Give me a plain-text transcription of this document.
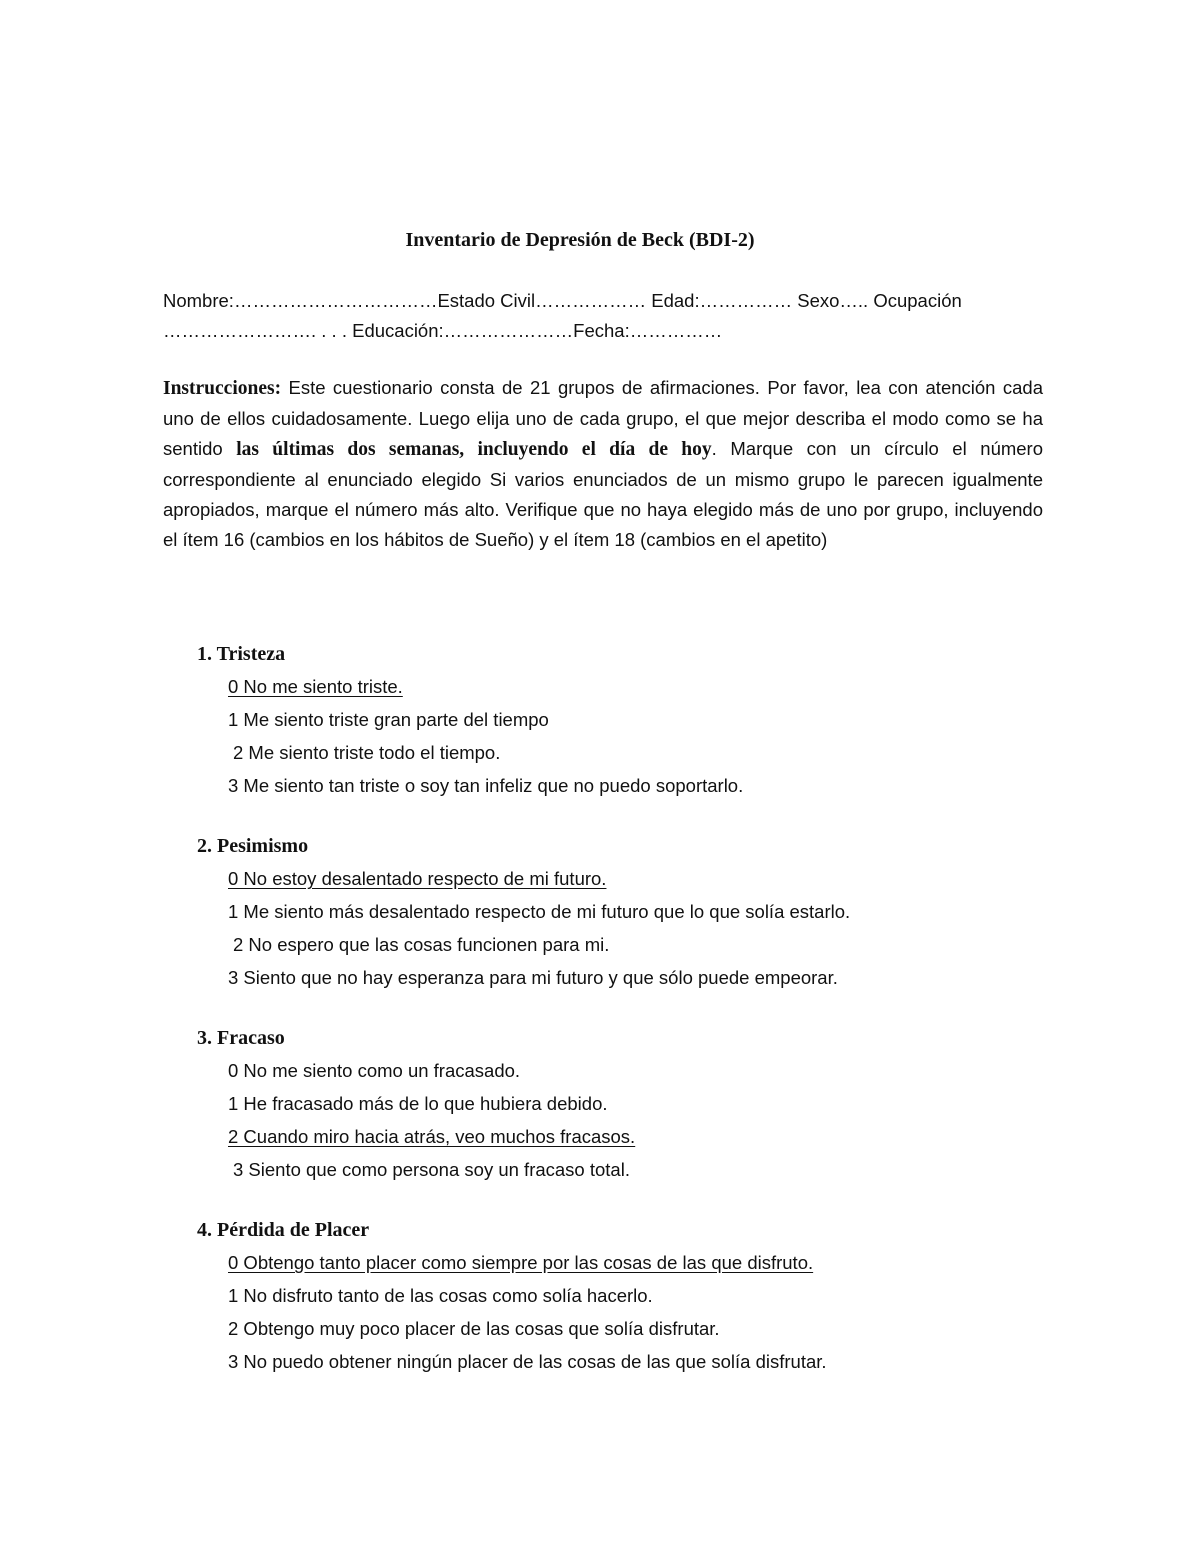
Inventario de Depresión de Beck (BDI-2)
Nombre:……………………………Estado Civil……………… Edad:…………… Sexo….. Ocupación
……………………. . . . Educación:…………………Fecha:……………
Instrucciones: Este cuestionario consta de 21 grupos de afirmaciones. Por favor, lea con atención cada uno de ellos cuidadosamente. Luego elija uno de cada grupo, el que mejor describa el modo como se ha sentido las últimas dos semanas, incluyendo el día de hoy. Marque con un círculo el número correspondiente al enunciado elegido Si varios enunciados de un mismo grupo le parecen igualmente apropiados, marque el número más alto. Verifique que no haya elegido más de uno por grupo, incluyendo el ítem 16 (cambios en los hábitos de Sueño) y el ítem 18 (cambios en el apetito)
1. Tristeza
0 No me siento triste.
1 Me siento triste gran parte del tiempo
2 Me siento triste todo el tiempo.
3 Me siento tan triste o soy tan infeliz que no puedo soportarlo.
2. Pesimismo
0 No estoy desalentado respecto de mi futuro.
1 Me siento más desalentado respecto de mi futuro que lo que solía estarlo.
2 No espero que las cosas funcionen para mi.
3 Siento que no hay esperanza para mi futuro y que sólo puede empeorar.
3. Fracaso
0 No me siento como un fracasado.
1 He fracasado más de lo que hubiera debido.
2 Cuando miro hacia atrás, veo muchos fracasos.
3 Siento que como persona soy un fracaso total.
4. Pérdida de Placer
0 Obtengo tanto placer como siempre por las cosas de las que disfruto.
1 No disfruto tanto de las cosas como solía hacerlo.
2 Obtengo muy poco placer de las cosas que solía disfrutar.
3 No puedo obtener ningún placer de las cosas de las que solía disfrutar.
